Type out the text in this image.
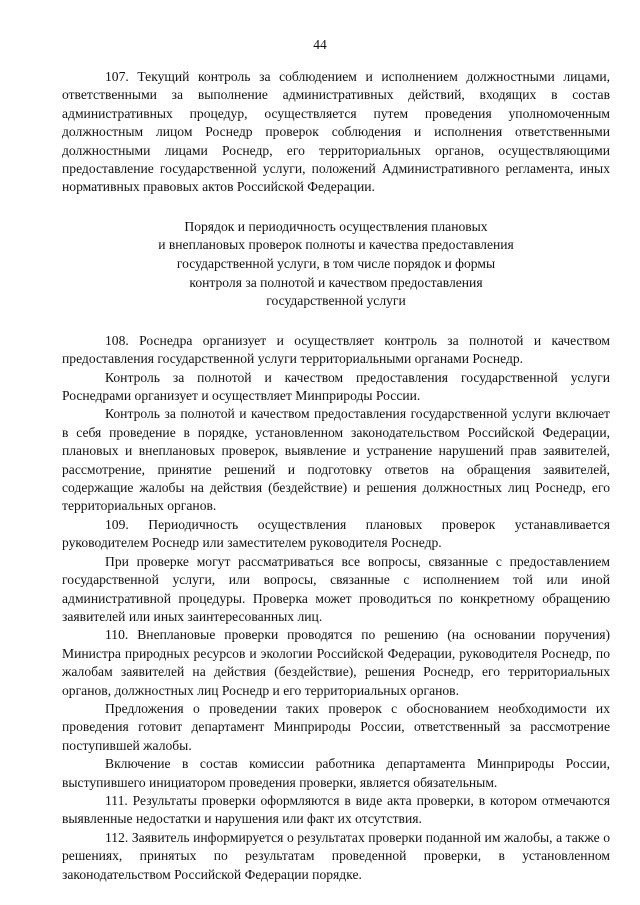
44

107. Текущий контроль за соблюдением и исполнением должностными лицами, ответственными за выполнение административных действий, входящих в состав административных процедур, осуществляется путем проведения уполномоченным должностным лицом Роснедр проверок соблюдения и исполнения ответственными должностными лицами Роснедр, его территориальных органов, осуществляющими предоставление государственной услуги, положений Административного регламента, иных нормативных правовых актов Российской Федерации.

Порядок и периодичность осуществления плановых
и внеплановых проверок полноты и качества предоставления
государственной услуги, в том числе порядок и формы
контроля за полнотой и качеством предоставления
государственной услуги

108. Роснедра организует и осуществляет контроль за полнотой и качеством предоставления государственной услуги территориальными органами Роснедр.

Контроль за полнотой и качеством предоставления государственной услуги Роснедрами организует и осуществляет Минприроды России.

Контроль за полнотой и качеством предоставления государственной услуги включает в себя проведение в порядке, установленном законодательством Российской Федерации, плановых и внеплановых проверок, выявление и устранение нарушений прав заявителей, рассмотрение, принятие решений и подготовку ответов на обращения заявителей, содержащие жалобы на действия (бездействие) и решения должностных лиц Роснедр, его территориальных органов.

109. Периодичность осуществления плановых проверок устанавливается руководителем Роснедр или заместителем руководителя Роснедр.

При проверке могут рассматриваться все вопросы, связанные с предоставлением государственной услуги, или вопросы, связанные с исполнением той или иной административной процедуры. Проверка может проводиться по конкретному обращению заявителей или иных заинтересованных лиц.

110. Внеплановые проверки проводятся по решению (на основании поручения) Министра природных ресурсов и экологии Российской Федерации, руководителя Роснедр, по жалобам заявителей на действия (бездействие), решения Роснедр, его территориальных органов, должностных лиц Роснедр и его территориальных органов.

Предложения о проведении таких проверок с обоснованием необходимости их проведения готовит департамент Минприроды России, ответственный за рассмотрение поступившей жалобы.

Включение в состав комиссии работника департамента Минприроды России, выступившего инициатором проведения проверки, является обязательным.

111. Результаты проверки оформляются в виде акта проверки, в котором отмечаются выявленные недостатки и нарушения или факт их отсутствия.

112. Заявитель информируется о результатах проверки поданной им жалобы, а также о решениях, принятых по результатам проведенной проверки, в установленном законодательством Российской Федерации порядке.
